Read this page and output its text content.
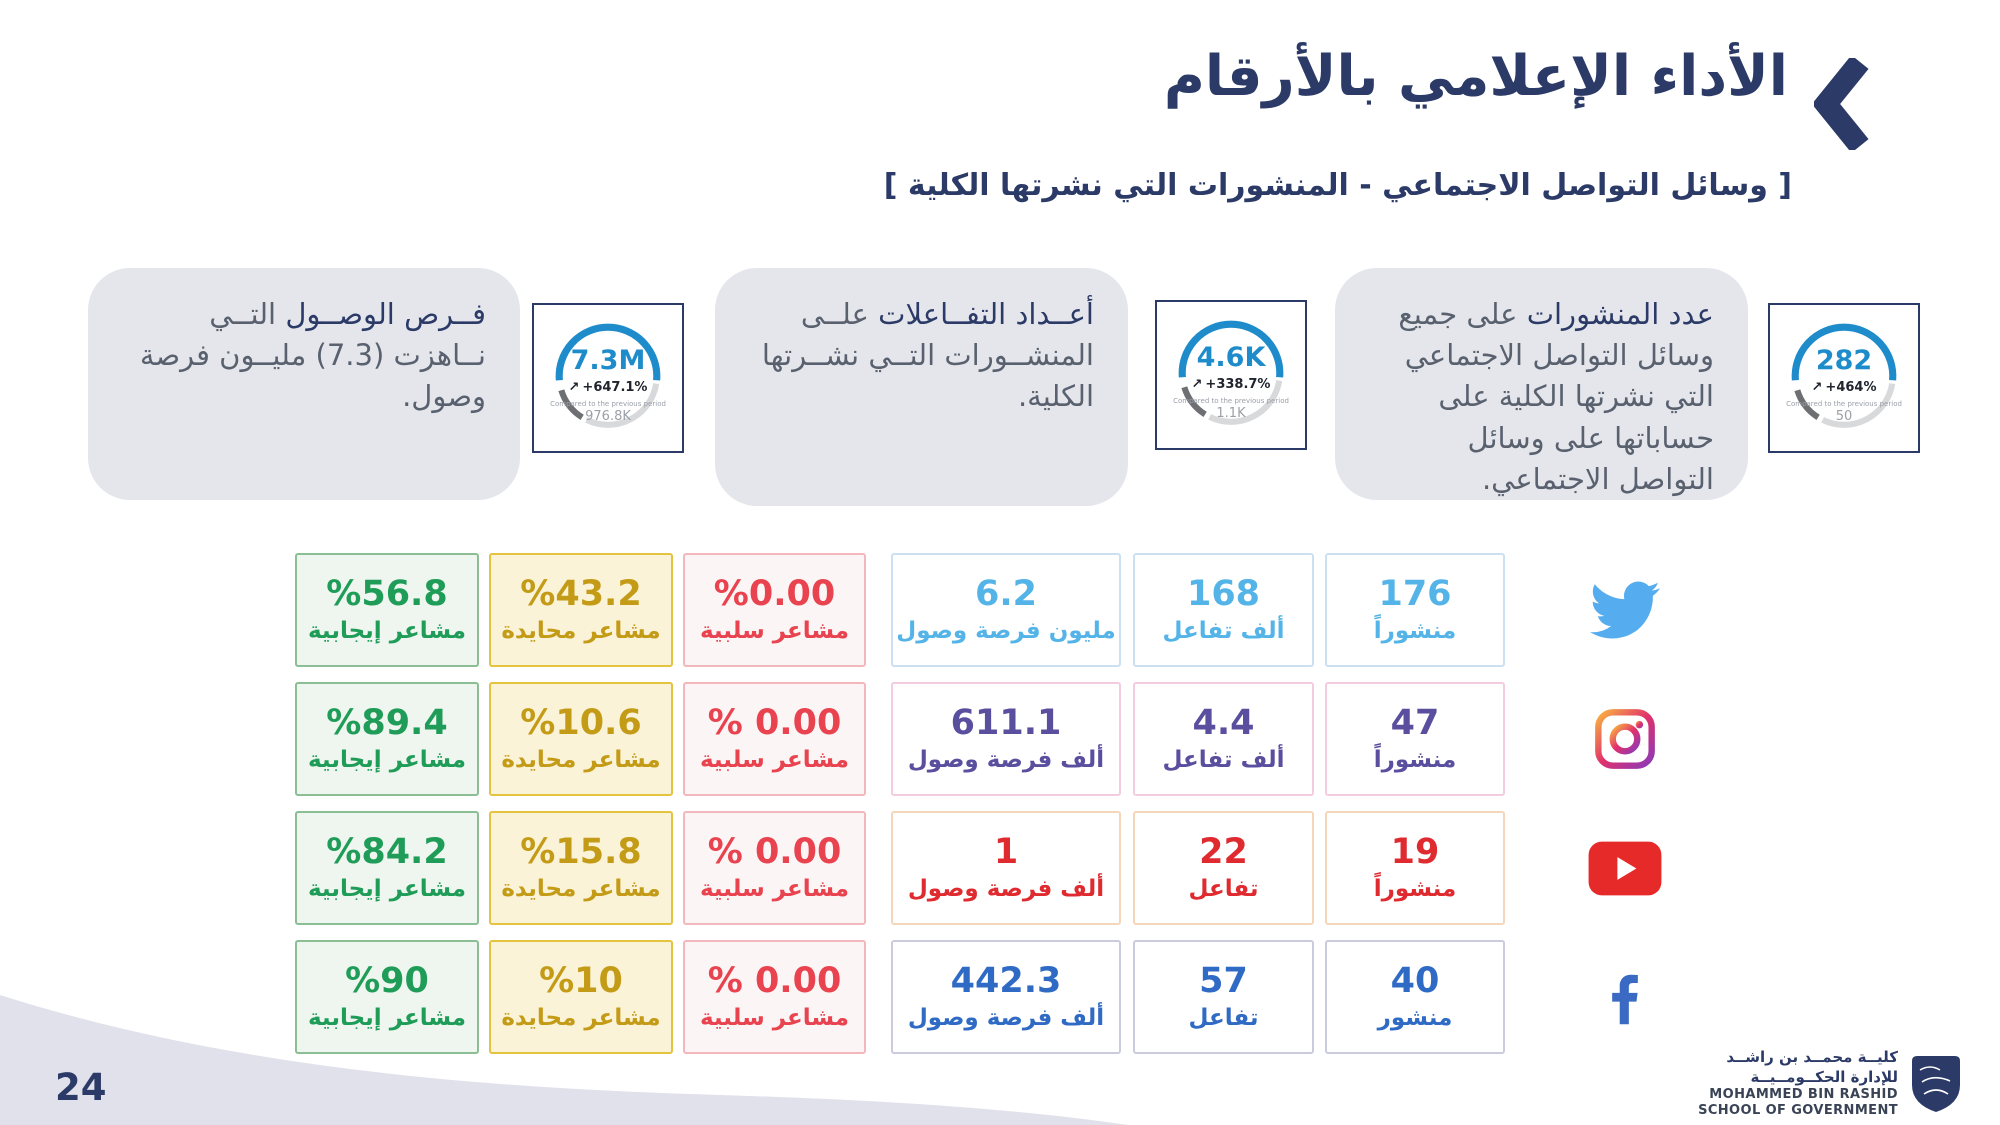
الأداء الإعلامي بالأرقام
[ وسائل التواصل الاجتماعي - المنشورات التي نشرتها الكلية ]

فــرص الوصــول التــي نــاهزت (7.3) مليــون فرصة وصول.

7.3M
↗ +647.1%
Compared to the previous period
976.8K

أعــداد التفــاعلات علــى المنشــورات التــي نشــرتها الكلية.

4.6K
↗ +338.7%
Compared to the previous period
1.1K

عدد المنشورات على جميع وسائل التواصل الاجتماعي التي نشرتها الكلية على حساباتها على وسائل التواصل الاجتماعي.

282
↗ +464%
Compared to the previous period
50
%56.8
مشاعر إيجابية
%43.2
مشاعر محايدة
%0.00
مشاعر سلبية
6.2
مليون فرصة وصول
168
ألف تفاعل
176
منشوراً
%89.4
مشاعر إيجابية
%10.6
مشاعر محايدة
% 0.00
مشاعر سلبية
611.1
ألف فرصة وصول
4.4
ألف تفاعل
47
منشوراً
%84.2
مشاعر إيجابية
%15.8
مشاعر محايدة
% 0.00
مشاعر سلبية
1
ألف فرصة وصول
22
تفاعل
19
منشوراً
%90
مشاعر إيجابية
%10
مشاعر محايدة
% 0.00
مشاعر سلبية
442.3
ألف فرصة وصول
57
تفاعل
40
منشور
24
كليــة محمــد بن راشــد
للإدارة الحكــومــيــة
MOHAMMED BIN RASHID
SCHOOL OF GOVERNMENT
